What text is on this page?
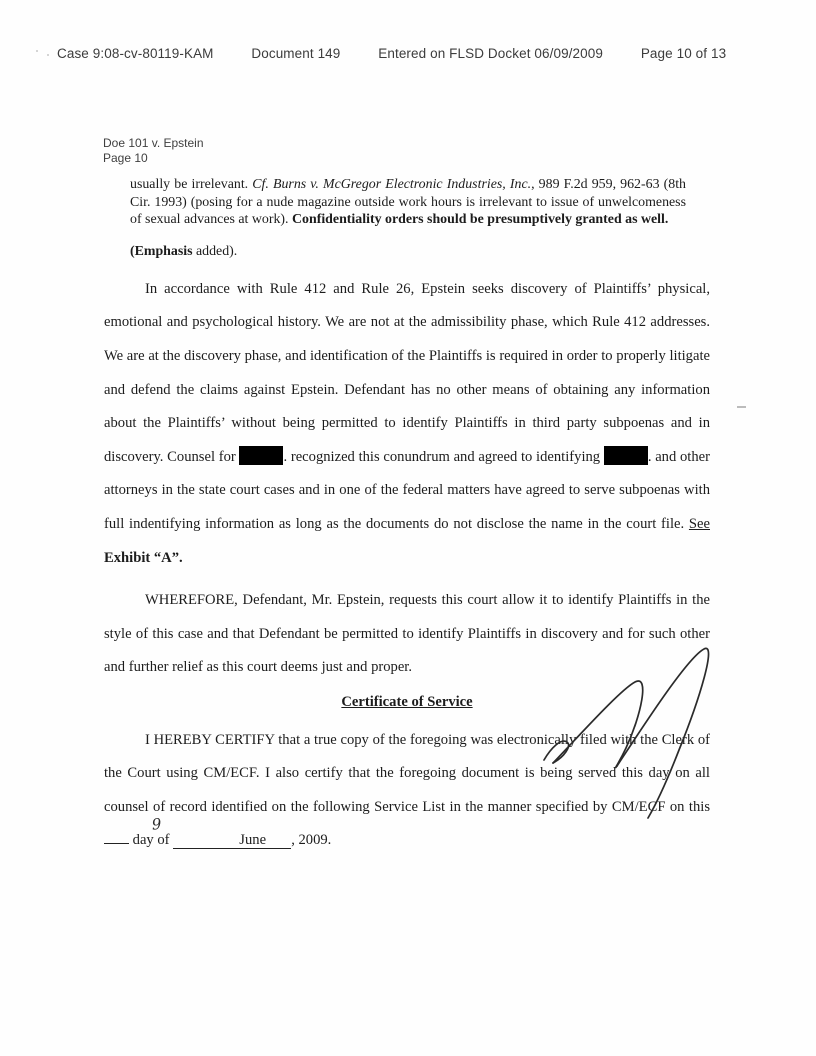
Case 9:08-cv-80119-KAM	Document 149	Entered on FLSD Docket 06/09/2009	Page 10 of 13
Doe 101 v. Epstein
Page 10
usually be irrelevant. Cf. Burns v. McGregor Electronic Industries, Inc., 989 F.2d 959, 962-63 (8th Cir. 1993) (posing for a nude magazine outside work hours is irrelevant to issue of unwelcomeness of sexual advances at work). Confidentiality orders should be presumptively granted as well.
(Emphasis added).

In accordance with Rule 412 and Rule 26, Epstein seeks discovery of Plaintiffs’ physical, emotional and psychological history. We are not at the admissibility phase, which Rule 412 addresses. We are at the discovery phase, and identification of the Plaintiffs is required in order to properly litigate and defend the claims against Epstein. Defendant has no other means of obtaining any information about the Plaintiffs’ without being permitted to identify Plaintiffs in third party subpoenas and in discovery. Counsel for	. recognized this conundrum and agreed to identifying	. and other attorneys in the state court cases and in one of the federal matters have agreed to serve subpoenas with full indentifying information as long as the documents do not disclose the name in the court file. See Exhibit “A”.

WHEREFORE, Defendant, Mr. Epstein, requests this court allow it to identify Plaintiffs in the style of this case and that Defendant be permitted to identify Plaintiffs in discovery and for such other and further relief as this court deems just and proper.

Certificate of Service

I HEREBY CERTIFY that a true copy of the foregoing was electronically filed with the Clerk of the Court using CM/ECF. I also certify that the foregoing document is being served this day on all counsel of record identified on the following Service List in the manner specified by CM/ECF on this
9
day of	June , 2009.
